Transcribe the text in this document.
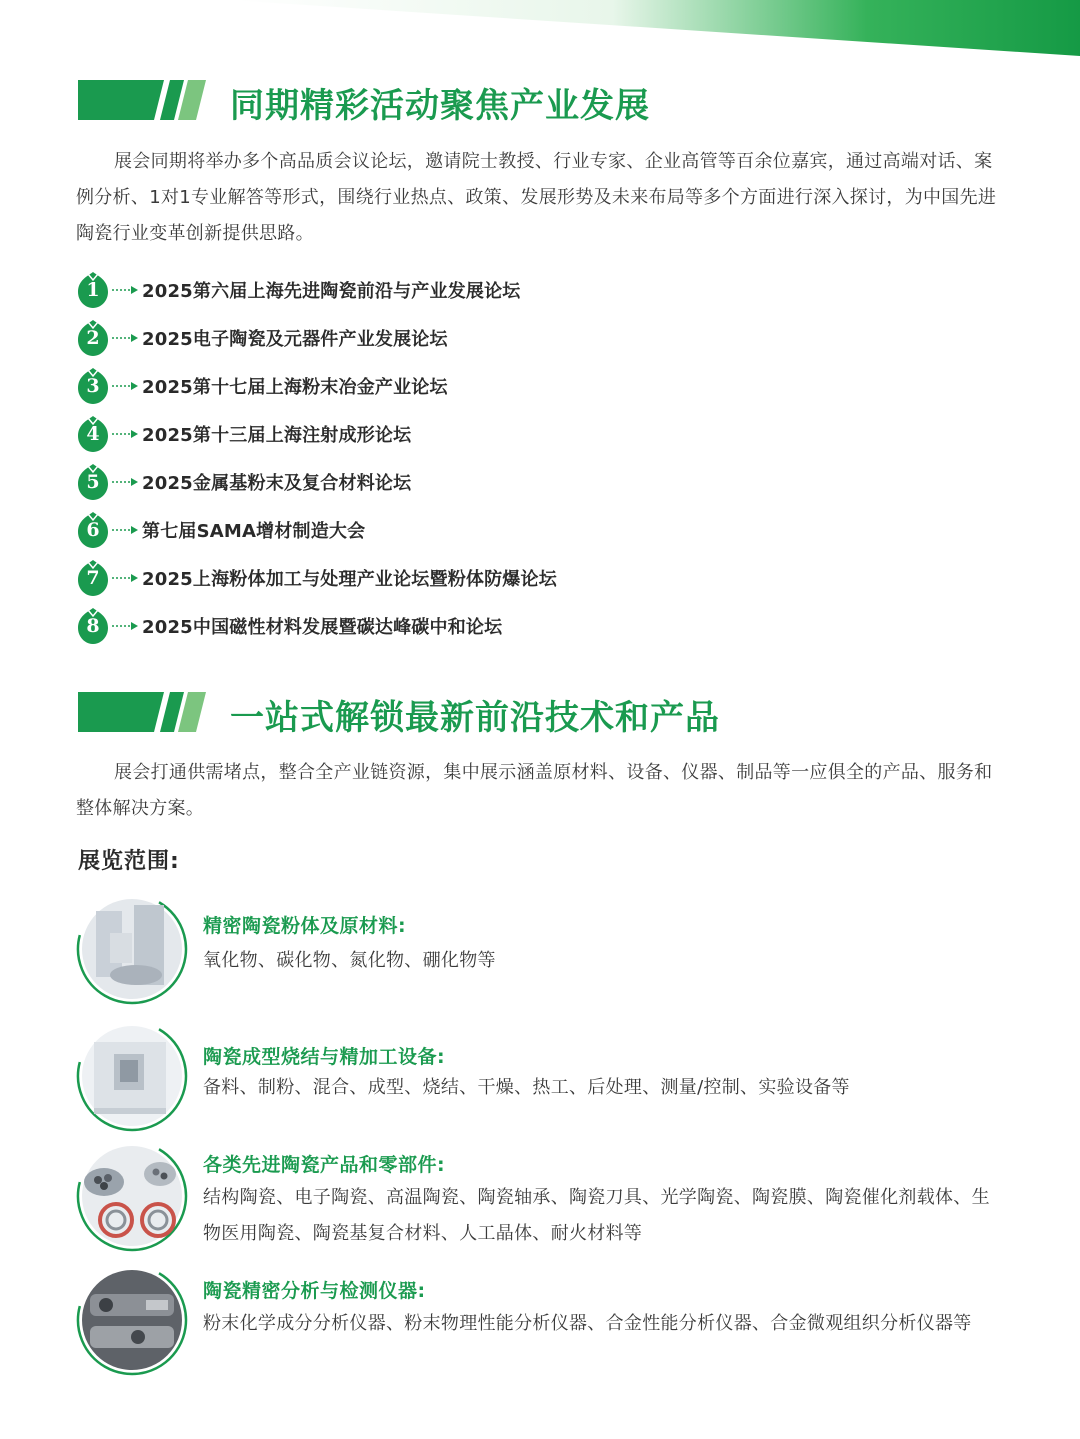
同期精彩活动聚焦产业发展
展会同期将举办多个高品质会议论坛，邀请院士教授、行业专家、企业高管等百余位嘉宾，通过高端对话、案例分析、1对1专业解答等形式，围绕行业热点、政策、发展形势及未来布局等多个方面进行深入探讨，为中国先进陶瓷行业变革创新提供思路。
1	2025第六届上海先进陶瓷前沿与产业发展论坛
2	2025电子陶瓷及元器件产业发展论坛
3	2025第十七届上海粉末冶金产业论坛
4	2025第十三届上海注射成形论坛
5	2025金属基粉末及复合材料论坛
6	第七届SAMA增材制造大会
7	2025上海粉体加工与处理产业论坛暨粉体防爆论坛
8	2025中国磁性材料发展暨碳达峰碳中和论坛
一站式解锁最新前沿技术和产品
展会打通供需堵点，整合全产业链资源，集中展示涵盖原材料、设备、仪器、制品等一应俱全的产品、服务和整体解决方案。
展览范围:
精密陶瓷粉体及原材料:
氧化物、碳化物、氮化物、硼化物等
陶瓷成型烧结与精加工设备:
备料、制粉、混合、成型、烧结、干燥、热工、后处理、测量/控制、实验设备等
各类先进陶瓷产品和零部件:
结构陶瓷、电子陶瓷、高温陶瓷、陶瓷轴承、陶瓷刀具、光学陶瓷、陶瓷膜、陶瓷催化剂载体、生物医用陶瓷、陶瓷基复合材料、人工晶体、耐火材料等
陶瓷精密分析与检测仪器:
粉末化学成分分析仪器、粉末物理性能分析仪器、合金性能分析仪器、合金微观组织分析仪器等
